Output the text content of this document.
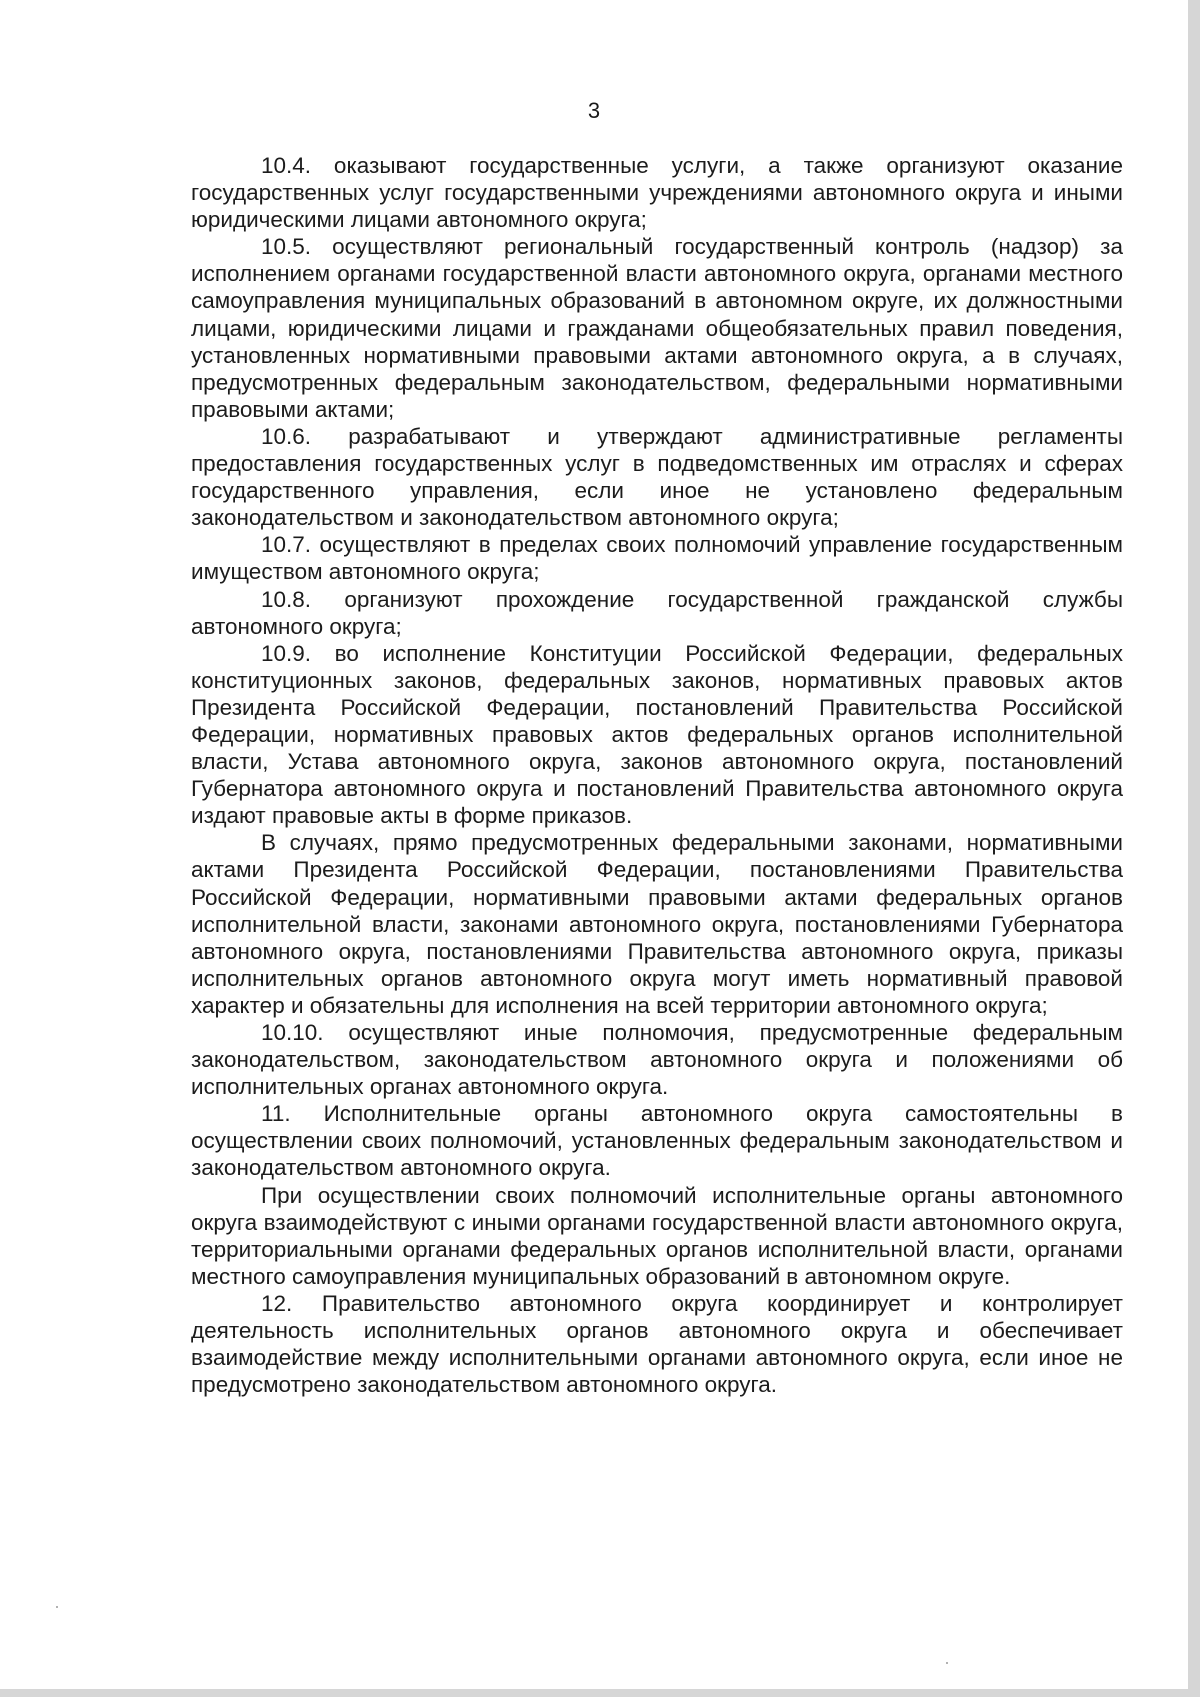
3

10.4. оказывают государственные услуги, а также организуют оказание государственных услуг государственными учреждениями автономного округа и иными юридическими лицами автономного округа;

10.5. осуществляют региональный государственный контроль (надзор) за исполнением органами государственной власти автономного округа, органами местного самоуправления муниципальных образований в автономном округе, их должностными лицами, юридическими лицами и гражданами общеобязательных правил поведения, установленных нормативными правовыми актами автономного округа, а в случаях, предусмотренных федеральным законодательством, федеральными нормативными правовыми актами;

10.6. разрабатывают и утверждают административные регламенты предоставления государственных услуг в подведомственных им отраслях и сферах государственного управления, если иное не установлено федеральным законодательством и законодательством автономного округа;

10.7. осуществляют в пределах своих полномочий управление государственным имуществом автономного округа;

10.8. организуют прохождение государственной гражданской службы автономного округа;

10.9. во исполнение Конституции Российской Федерации, федеральных конституционных законов, федеральных законов, нормативных правовых актов Президента Российской Федерации, постановлений Правительства Российской Федерации, нормативных правовых актов федеральных органов исполнительной власти, Устава автономного округа, законов автономного округа, постановлений Губернатора автономного округа и постановлений Правительства автономного округа издают правовые акты в форме приказов.

В случаях, прямо предусмотренных федеральными законами, нормативными актами Президента Российской Федерации, постановлениями Правительства Российской Федерации, нормативными правовыми актами федеральных органов исполнительной власти, законами автономного округа, постановлениями Губернатора автономного округа, постановлениями Правительства автономного округа, приказы исполнительных органов автономного округа могут иметь нормативный правовой характер и обязательны для исполнения на всей территории автономного округа;

10.10. осуществляют иные полномочия, предусмотренные федеральным законодательством, законодательством автономного округа и положениями об исполнительных органах автономного округа.

11. Исполнительные органы автономного округа самостоятельны в осуществлении своих полномочий, установленных федеральным законодательством и законодательством автономного округа.

При осуществлении своих полномочий исполнительные органы автономного округа взаимодействуют с иными органами государственной власти автономного округа, территориальными органами федеральных органов исполнительной власти, органами местного самоуправления муниципальных образований в автономном округе.

12. Правительство автономного округа координирует и контролирует деятельность исполнительных органов автономного округа и обеспечивает взаимодействие между исполнительными органами автономного округа, если иное не предусмотрено законодательством автономного округа.
